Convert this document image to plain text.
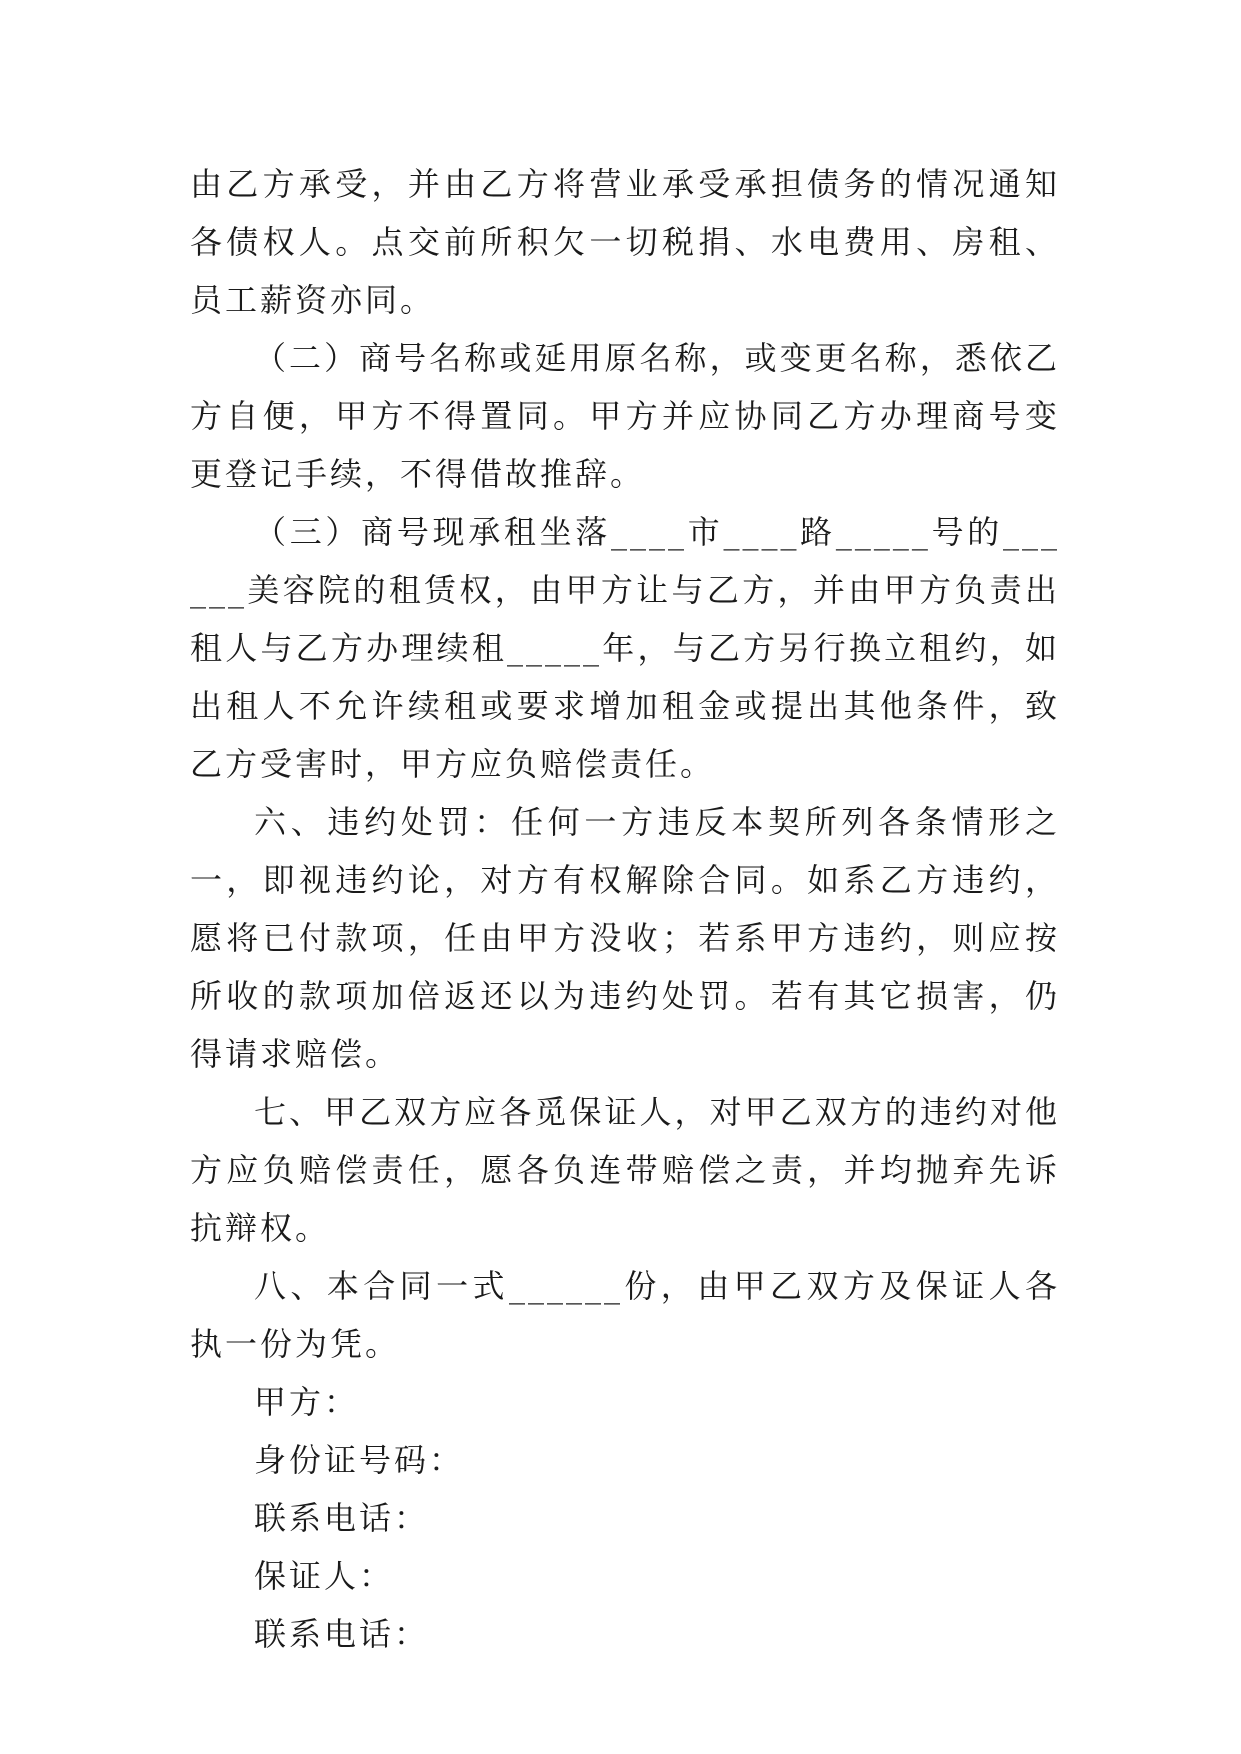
由乙方承受，并由乙方将营业承受承担债务的情况通知各债权人。点交前所积欠一切税捐、水电费用、房租、员工薪资亦同。

（二）商号名称或延用原名称，或变更名称，悉依乙方自便，甲方不得置同。甲方并应协同乙方办理商号变更登记手续，不得借故推辞。

（三）商号现承租坐落____市____路_____号的______美容院的租赁权，由甲方让与乙方，并由甲方负责出租人与乙方办理续租_____年，与乙方另行换立租约，如出租人不允许续租或要求增加租金或提出其他条件，致乙方受害时，甲方应负赔偿责任。

六、违约处罚：任何一方违反本契所列各条情形之一，即视违约论，对方有权解除合同。如系乙方违约，愿将已付款项，任由甲方没收；若系甲方违约，则应按所收的款项加倍返还以为违约处罚。若有其它损害，仍得请求赔偿。

七、甲乙双方应各觅保证人，对甲乙双方的违约对他方应负赔偿责任，愿各负连带赔偿之责，并均抛弃先诉抗辩权。

八、本合同一式______份，由甲乙双方及保证人各执一份为凭。

甲方：

身份证号码：

联系电话：

保证人：

联系电话：
